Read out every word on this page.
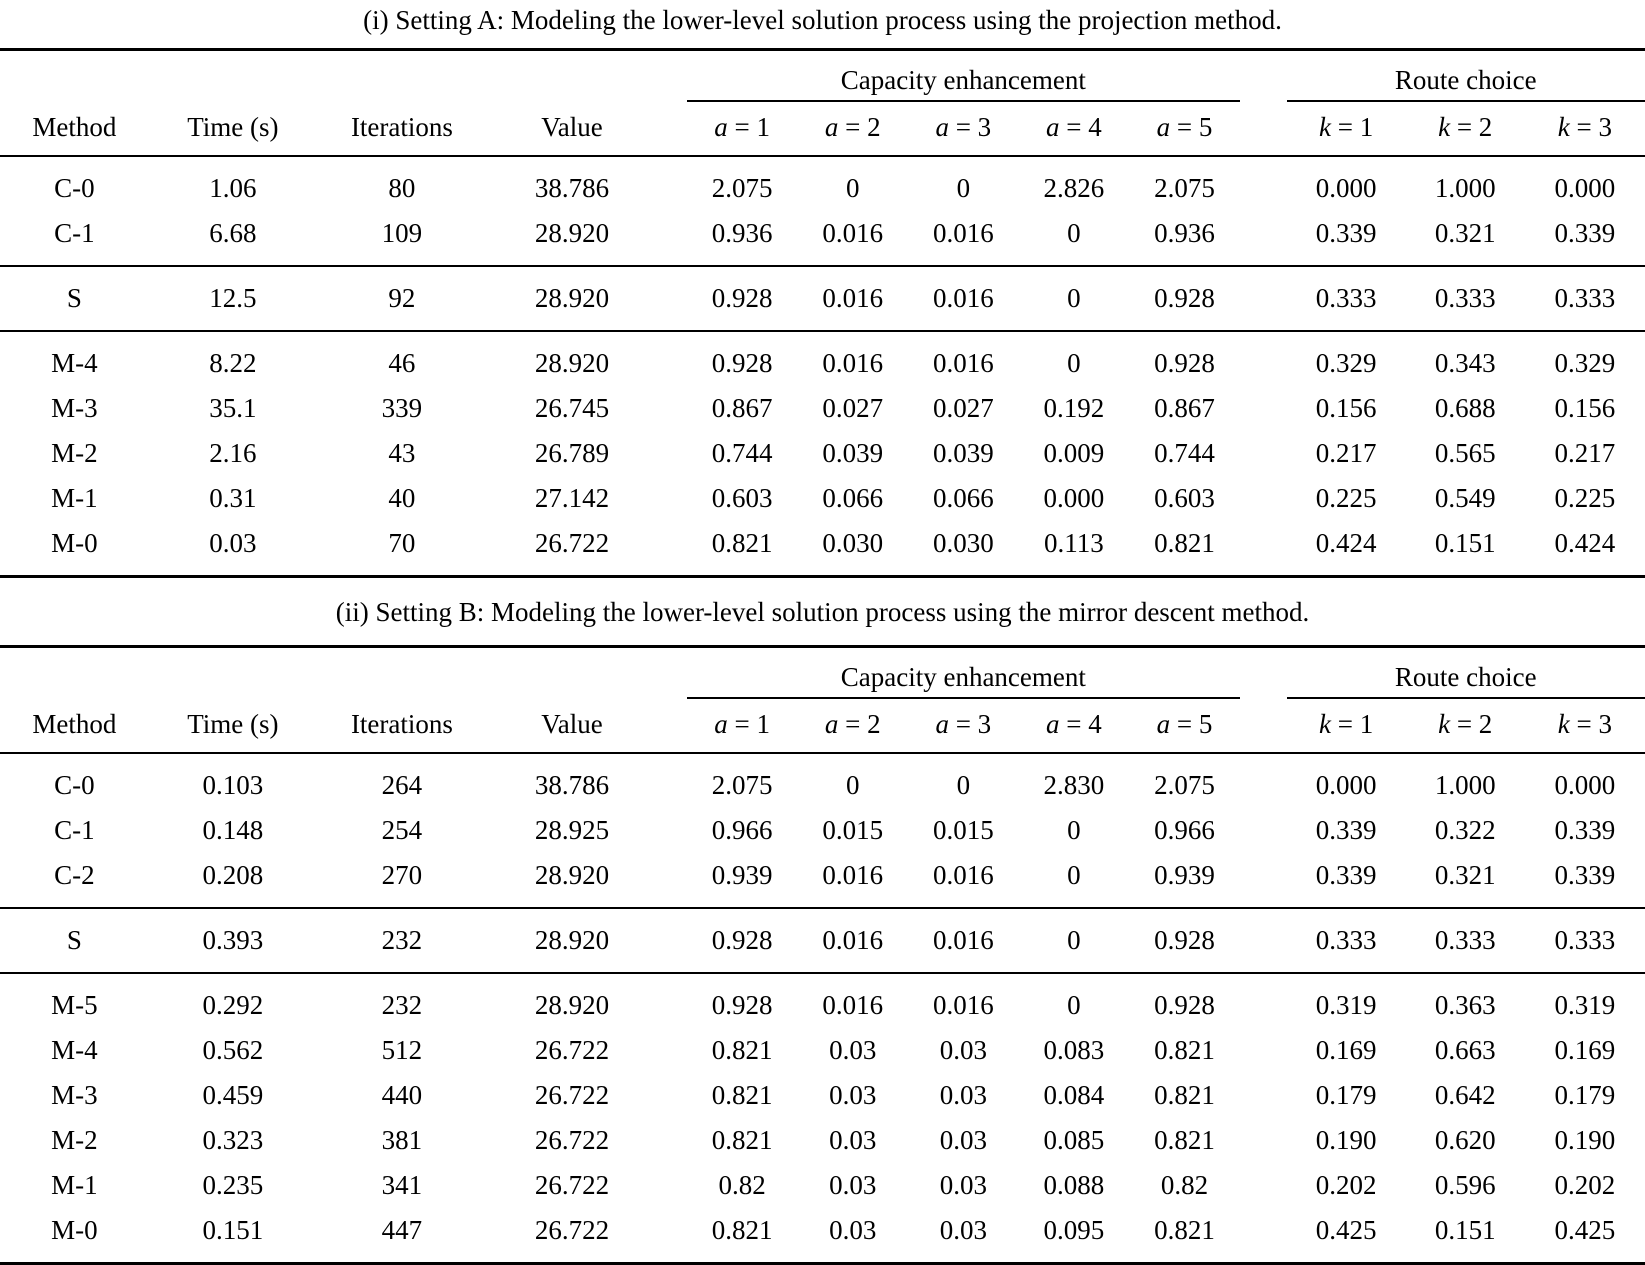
(i) Setting A: Modeling the lower-level solution process using the projection method.

					Capacity enhancement						Route choice		

Method	Time (s)	Iterations	Value		a = 1	a = 2	a = 3	a = 4	a = 5		k = 1	k = 2	k = 3

C-0	1.06	80	38.786		2.075	0	0	2.826	2.075		0.000	1.000	0.000
C-1	6.68	109	28.920		0.936	0.016	0.016	0	0.936		0.339	0.321	0.339

S	12.5	92	28.920		0.928	0.016	0.016	0	0.928		0.333	0.333	0.333

M-4	8.22	46	28.920		0.928	0.016	0.016	0	0.928		0.329	0.343	0.329
M-3	35.1	339	26.745		0.867	0.027	0.027	0.192	0.867		0.156	0.688	0.156
M-2	2.16	43	26.789		0.744	0.039	0.039	0.009	0.744		0.217	0.565	0.217
M-1	0.31	40	27.142		0.603	0.066	0.066	0.000	0.603		0.225	0.549	0.225
M-0	0.03	70	26.722		0.821	0.030	0.030	0.113	0.821		0.424	0.151	0.424

(ii) Setting B: Modeling the lower-level solution process using the mirror descent method.

					Capacity enhancement						Route choice		

Method	Time (s)	Iterations	Value		a = 1	a = 2	a = 3	a = 4	a = 5		k = 1	k = 2	k = 3

C-0	0.103	264	38.786		2.075	0	0	2.830	2.075		0.000	1.000	0.000
C-1	0.148	254	28.925		0.966	0.015	0.015	0	0.966		0.339	0.322	0.339
C-2	0.208	270	28.920		0.939	0.016	0.016	0	0.939		0.339	0.321	0.339

S	0.393	232	28.920		0.928	0.016	0.016	0	0.928		0.333	0.333	0.333

M-5	0.292	232	28.920		0.928	0.016	0.016	0	0.928		0.319	0.363	0.319
M-4	0.562	512	26.722		0.821	0.03	0.03	0.083	0.821		0.169	0.663	0.169
M-3	0.459	440	26.722		0.821	0.03	0.03	0.084	0.821		0.179	0.642	0.179
M-2	0.323	381	26.722		0.821	0.03	0.03	0.085	0.821		0.190	0.620	0.190
M-1	0.235	341	26.722		0.82	0.03	0.03	0.088	0.82		0.202	0.596	0.202
M-0	0.151	447	26.722		0.821	0.03	0.03	0.095	0.821		0.425	0.151	0.425
